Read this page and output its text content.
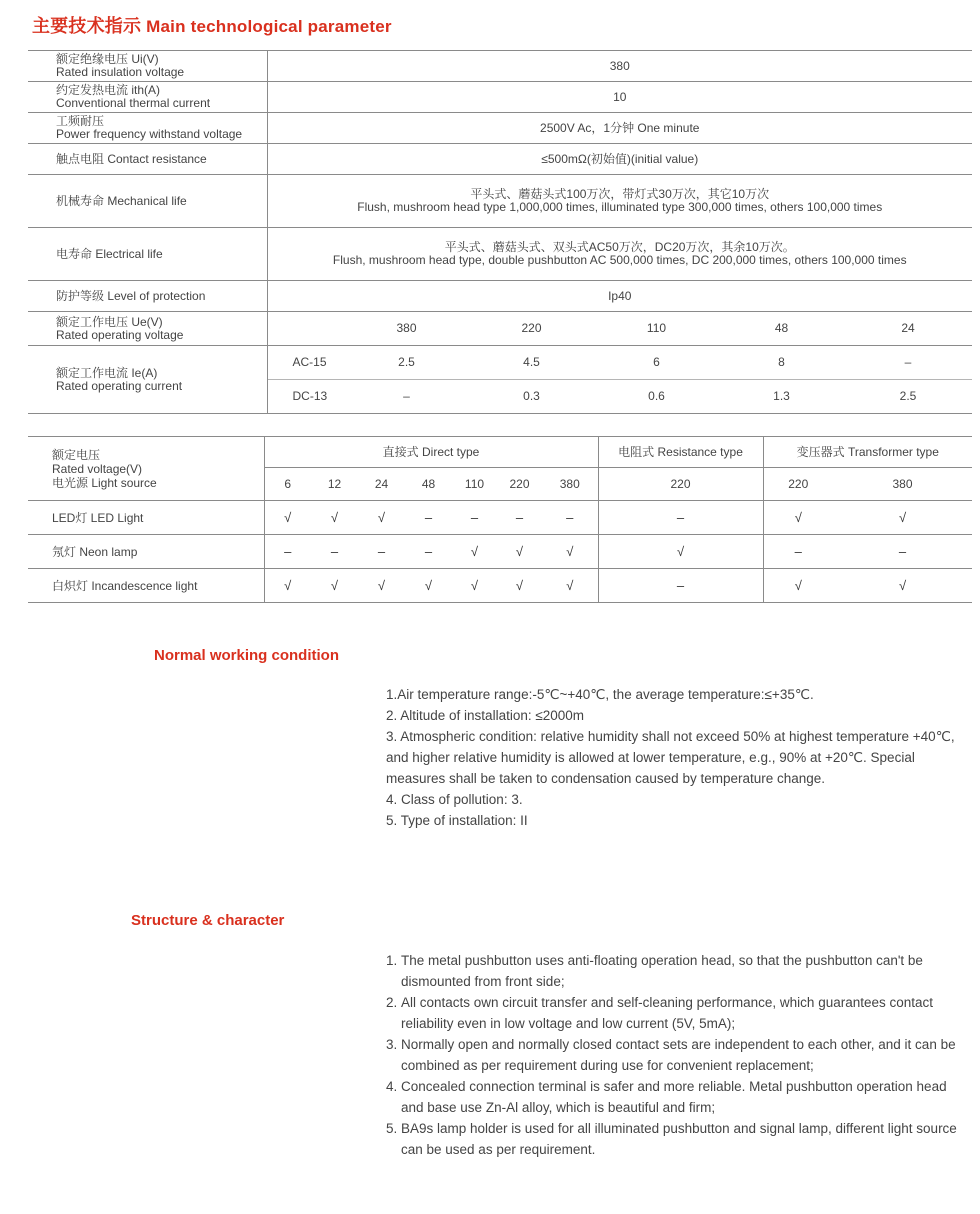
主要技术指示 Main technological parameter
额定绝缘电压 Ui(V)
Rated insulation voltage	380					

约定发热电流 ith(A)
Conventional thermal current	10					

工频耐压
Power frequency withstand voltage	2500V Ac，1分钟 One minute					
触点电阻 Contact resistance	≤500mΩ(初始值)(initial value)					
机械寿命 Mechanical life	平头式、蘑菇头式100万次，带灯式30万次，其它10万次
Flush, mushroom head type 1,000,000 times, illuminated type 300,000 times, others 100,000 times					

电寿命 Electrical life	平头式、蘑菇头式、双头式AC50万次，DC20万次，其余10万次。
Flush, mushroom head type, double pushbutton AC 500,000 times, DC 200,000 times, others 100,000 times					

防护等级 Level of protection	Ip40					

额定工作电压 Ue(V)
Rated operating voltage		380	220	110	48	24

额定工作电流 Ie(A)
Rated operating current	AC-15	2.5	4.5	6	8	–
	DC-13	–	0.3	0.6	1.3	2.5
额定电压
Rated voltage(V)
电光源 Light source	直接式 Direct type							电阻式 Resistance type	变压器式 Transformer type	
	6	12	24	48	110	220	380	220	220	380
LED灯 LED Light	√	√	√	–	–	–	–	–	√	√
氖灯 Neon lamp	–	–	–	–	√	√	√	√	–	–
白炽灯 Incandescence light	√	√	√	√	√	√	√	–	√	√
Normal working condition
1.Air temperature range:-5℃~+40℃, the average temperature:≤+35℃.
2. Altitude of installation: ≤2000m
3. Atmospheric condition: relative humidity shall not exceed 50% at highest temperature +40℃, and higher relative humidity is allowed at lower temperature, e.g., 90% at +20℃. Special measures shall be taken to condensation caused by temperature change.
4. Class of pollution: 3.
5. Type of installation: II
Structure & character
1. The metal pushbutton uses anti-floating operation head, so that the pushbutton can't be dismounted from front side;
2. All contacts own circuit transfer and self-cleaning performance, which guarantees contact reliability even in low voltage and low current (5V, 5mA);
3. Normally open and normally closed contact sets are independent to each other, and it can be combined as per requirement during use for convenient replacement;
4. Concealed connection terminal is safer and more reliable. Metal pushbutton operation head and base use Zn-Al alloy, which is beautiful and firm;
5. BA9s lamp holder is used for all illuminated pushbutton and signal lamp, different light source can be used as per requirement.
